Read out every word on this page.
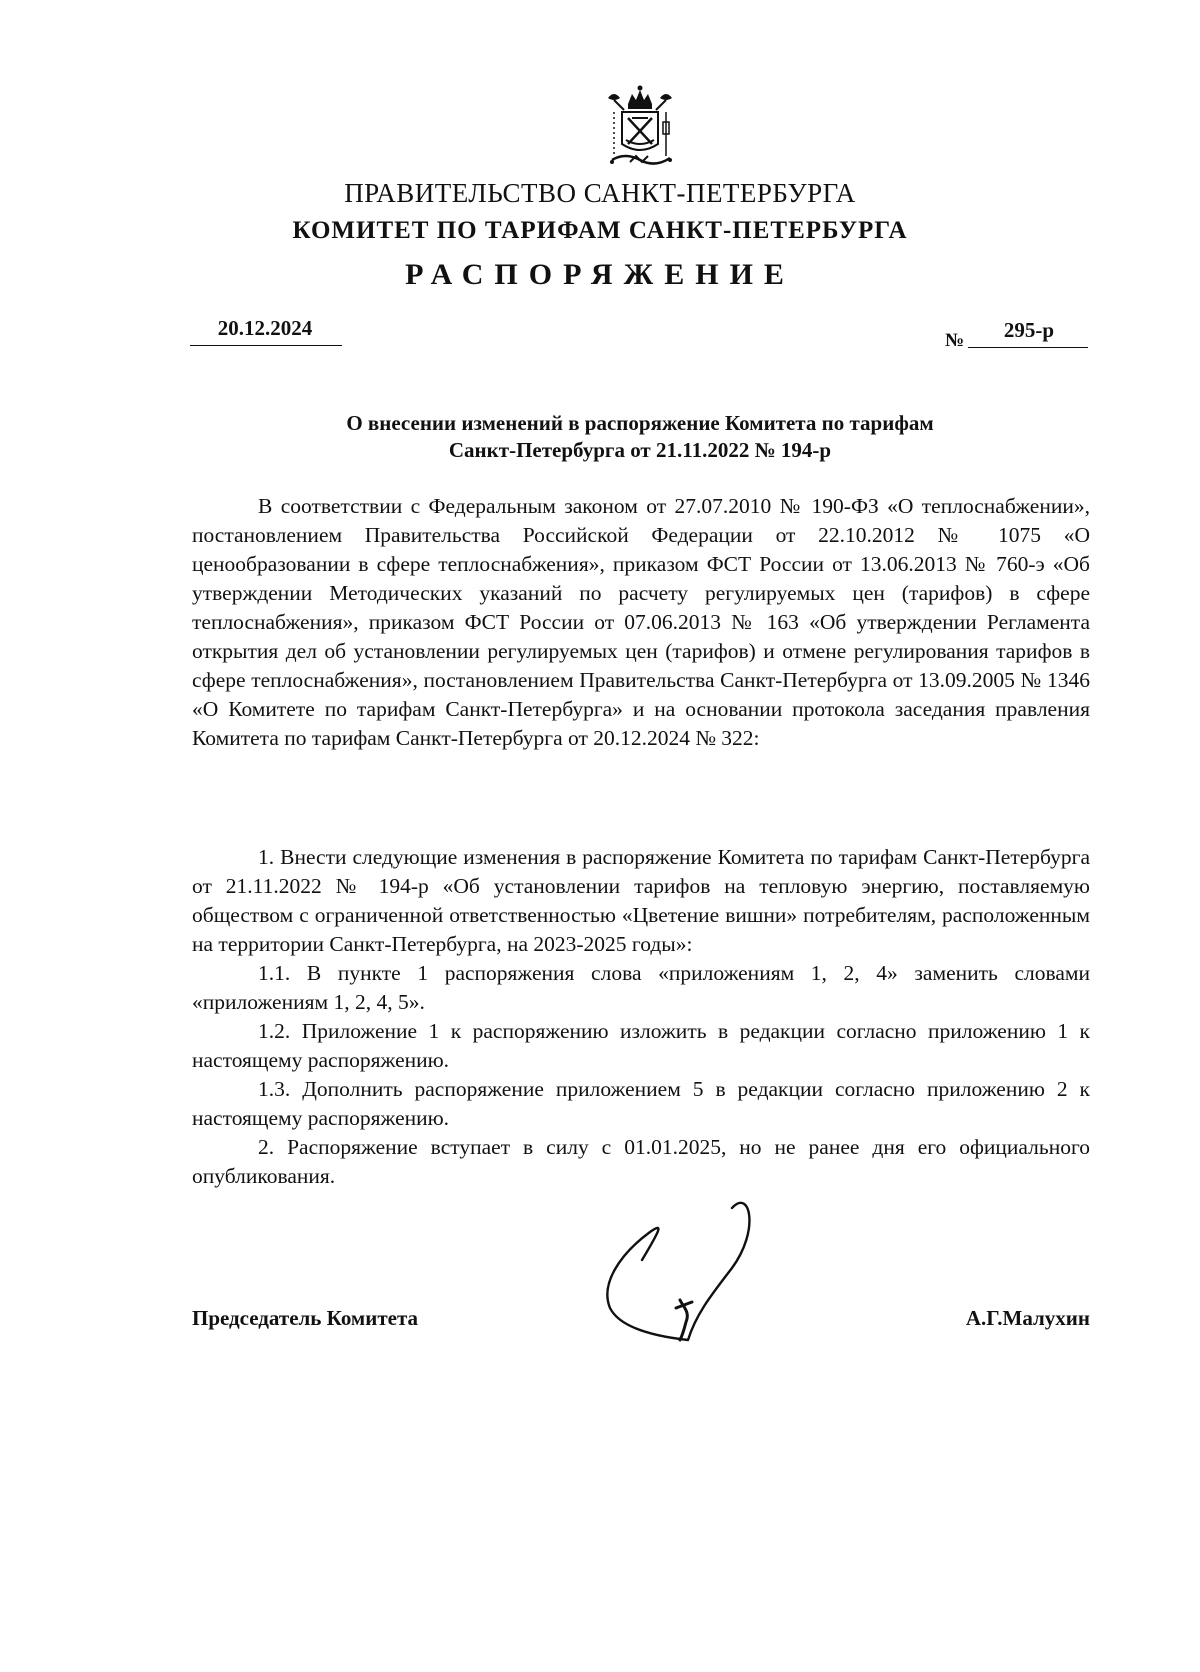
ПРАВИТЕЛЬСТВО САНКТ-ПЕТЕРБУРГА
КОМИТЕТ ПО ТАРИФАМ САНКТ-ПЕТЕРБУРГА
РАСПОРЯЖЕНИЕ
20.12.2024
№	295-р
О внесении изменений в распоряжение Комитета по тарифам
Санкт-Петербурга от 21.11.2022 № 194-р

В соответствии с Федеральным законом от 27.07.2010 № 190-ФЗ «О теплоснабжении», постановлением Правительства Российской Федерации от 22.10.2012 № 1075 «О ценообразовании в сфере теплоснабжения», приказом ФСТ России от 13.06.2013 № 760-э «Об утверждении Методических указаний по расчету регулируемых цен (тарифов) в сфере теплоснабжения», приказом ФСТ России от 07.06.2013 № 163 «Об утверждении Регламента открытия дел об установлении регулируемых цен (тарифов) и отмене регулирования тарифов в сфере теплоснабжения», постановлением Правительства Санкт-Петербурга от 13.09.2005 № 1346 «О Комитете по тарифам Санкт-Петербурга» и на основании протокола заседания правления Комитета по тарифам Санкт-Петербурга от 20.12.2024 № 322:

1. Внести следующие изменения в распоряжение Комитета по тарифам Санкт-Петербурга от 21.11.2022 № 194-р «Об установлении тарифов на тепловую энергию, поставляемую обществом с ограниченной ответственностью «Цветение вишни» потребителям, расположенным на территории Санкт-Петербурга, на 2023-2025 годы»:

1.1. В пункте 1 распоряжения слова «приложениям 1, 2, 4» заменить словами «приложениям 1, 2, 4, 5».

1.2. Приложение 1 к распоряжению изложить в редакции согласно приложению 1 к настоящему распоряжению.

1.3. Дополнить распоряжение приложением 5 в редакции согласно приложению 2 к настоящему распоряжению.

2. Распоряжение вступает в силу с 01.01.2025, но не ранее дня его официального опубликования.

Председатель Комитета	А.Г.Малухин
